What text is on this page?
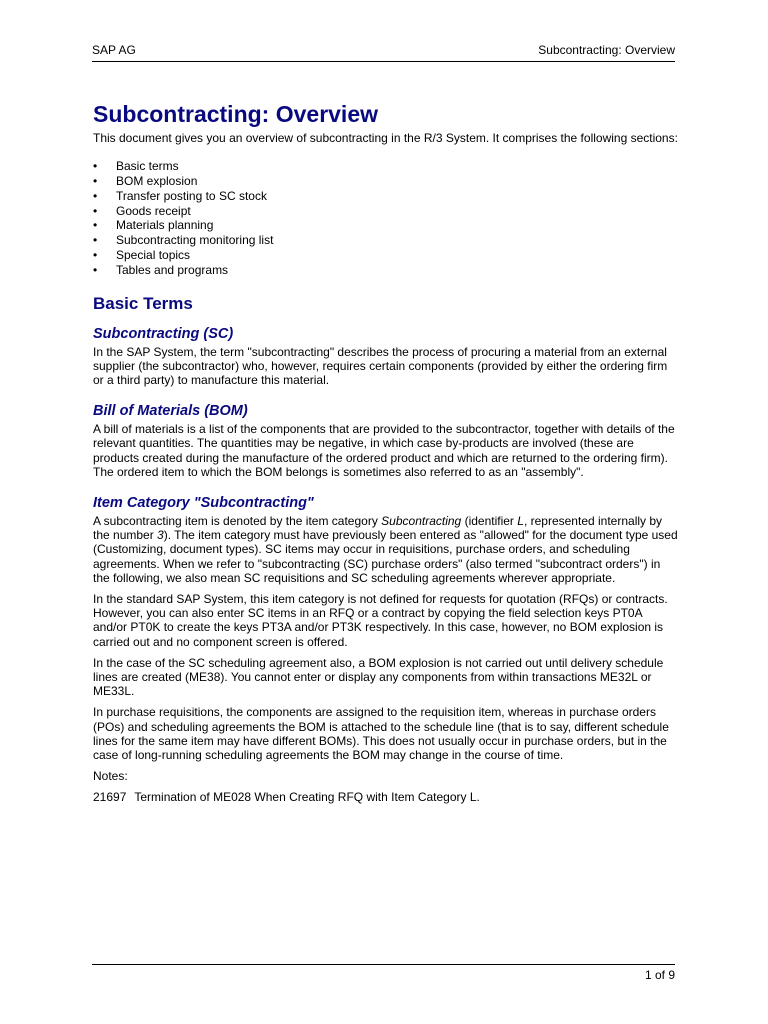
SAP AG	Subcontracting: Overview
Subcontracting: Overview

This document gives you an overview of subcontracting in the R/3 System. It comprises the following sections:

• Basic terms
• BOM explosion
• Transfer posting to SC stock
• Goods receipt
• Materials planning
• Subcontracting monitoring list
• Special topics
• Tables and programs
Basic Terms
Subcontracting (SC)

In the SAP System, the term "subcontracting" describes the process of procuring a material from an external supplier (the subcontractor) who, however, requires certain components (provided by either the ordering firm or a third party) to manufacture this material.

Bill of Materials (BOM)

A bill of materials is a list of the components that are provided to the subcontractor, together with details of the relevant quantities. The quantities may be negative, in which case by-products are involved (these are products created during the manufacture of the ordered product and which are returned to the ordering firm). The ordered item to which the BOM belongs is sometimes also referred to as an "assembly".

Item Category "Subcontracting"

A subcontracting item is denoted by the item category Subcontracting (identifier L, represented internally by the number 3). The item category must have previously been entered as "allowed" for the document type used (Customizing, document types). SC items may occur in requisitions, purchase orders, and scheduling agreements. When we refer to "subcontracting (SC) purchase orders" (also termed "subcontract orders") in the following, we also mean SC requisitions and SC scheduling agreements wherever appropriate.

In the standard SAP System, this item category is not defined for requests for quotation (RFQs) or contracts. However, you can also enter SC items in an RFQ or a contract by copying the field selection keys PT0A and/or PT0K to create the keys PT3A and/or PT3K respectively. In this case, however, no BOM explosion is carried out and no component screen is offered.

In the case of the SC scheduling agreement also, a BOM explosion is not carried out until delivery schedule lines are created (ME38). You cannot enter or display any components from within transactions ME32L or ME33L.

In purchase requisitions, the components are assigned to the requisition item, whereas in purchase orders (POs) and scheduling agreements the BOM is attached to the schedule line (that is to say, different schedule lines for the same item may have different BOMs). This does not usually occur in purchase orders, but in the case of long-running scheduling agreements the BOM may change in the course of time.

Notes:

21697 Termination of ME028 When Creating RFQ with Item Category L.

1 of 9
